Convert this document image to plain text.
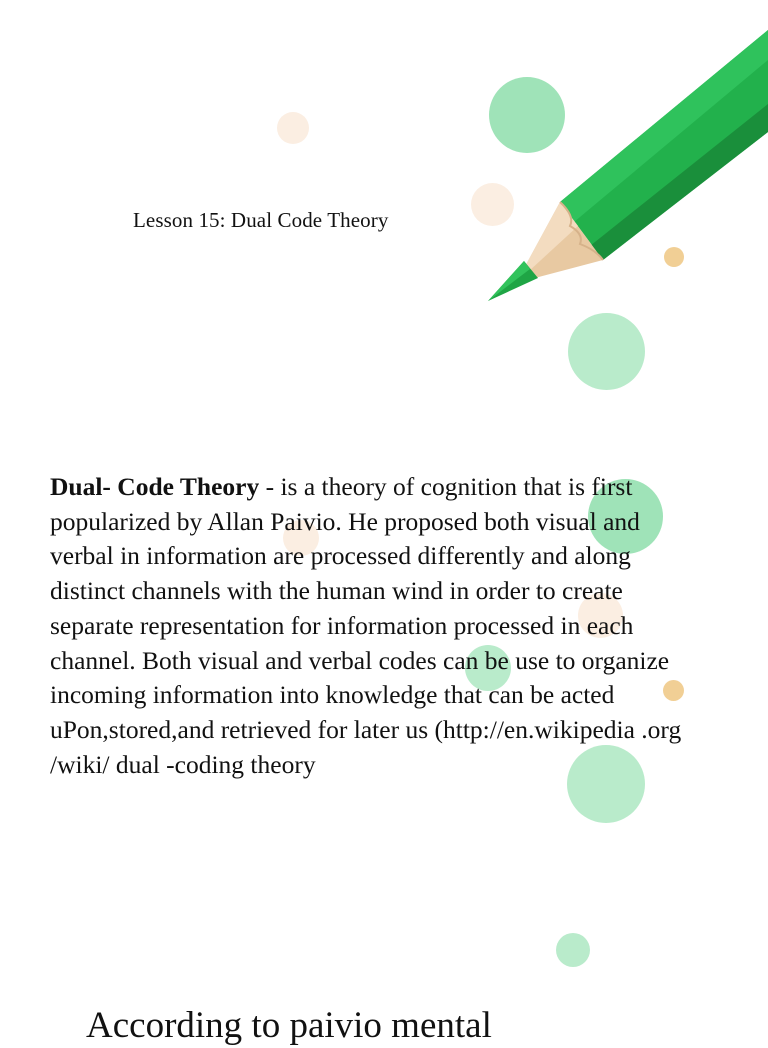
Lesson 15: Dual Code Theory
Dual- Code Theory - is a theory of cognition that is first popularized by Allan Paivio. He proposed both visual and verbal in information are processed differently and along distinct channels with the human wind in order to create separate representation for information processed in each channel. Both visual and verbal codes can be use to organize incoming information into knowledge that can be acted uPon,stored,and retrieved for later us (http://en.wikipedia .org /wiki/ dual -coding theory
According to paivio mental
